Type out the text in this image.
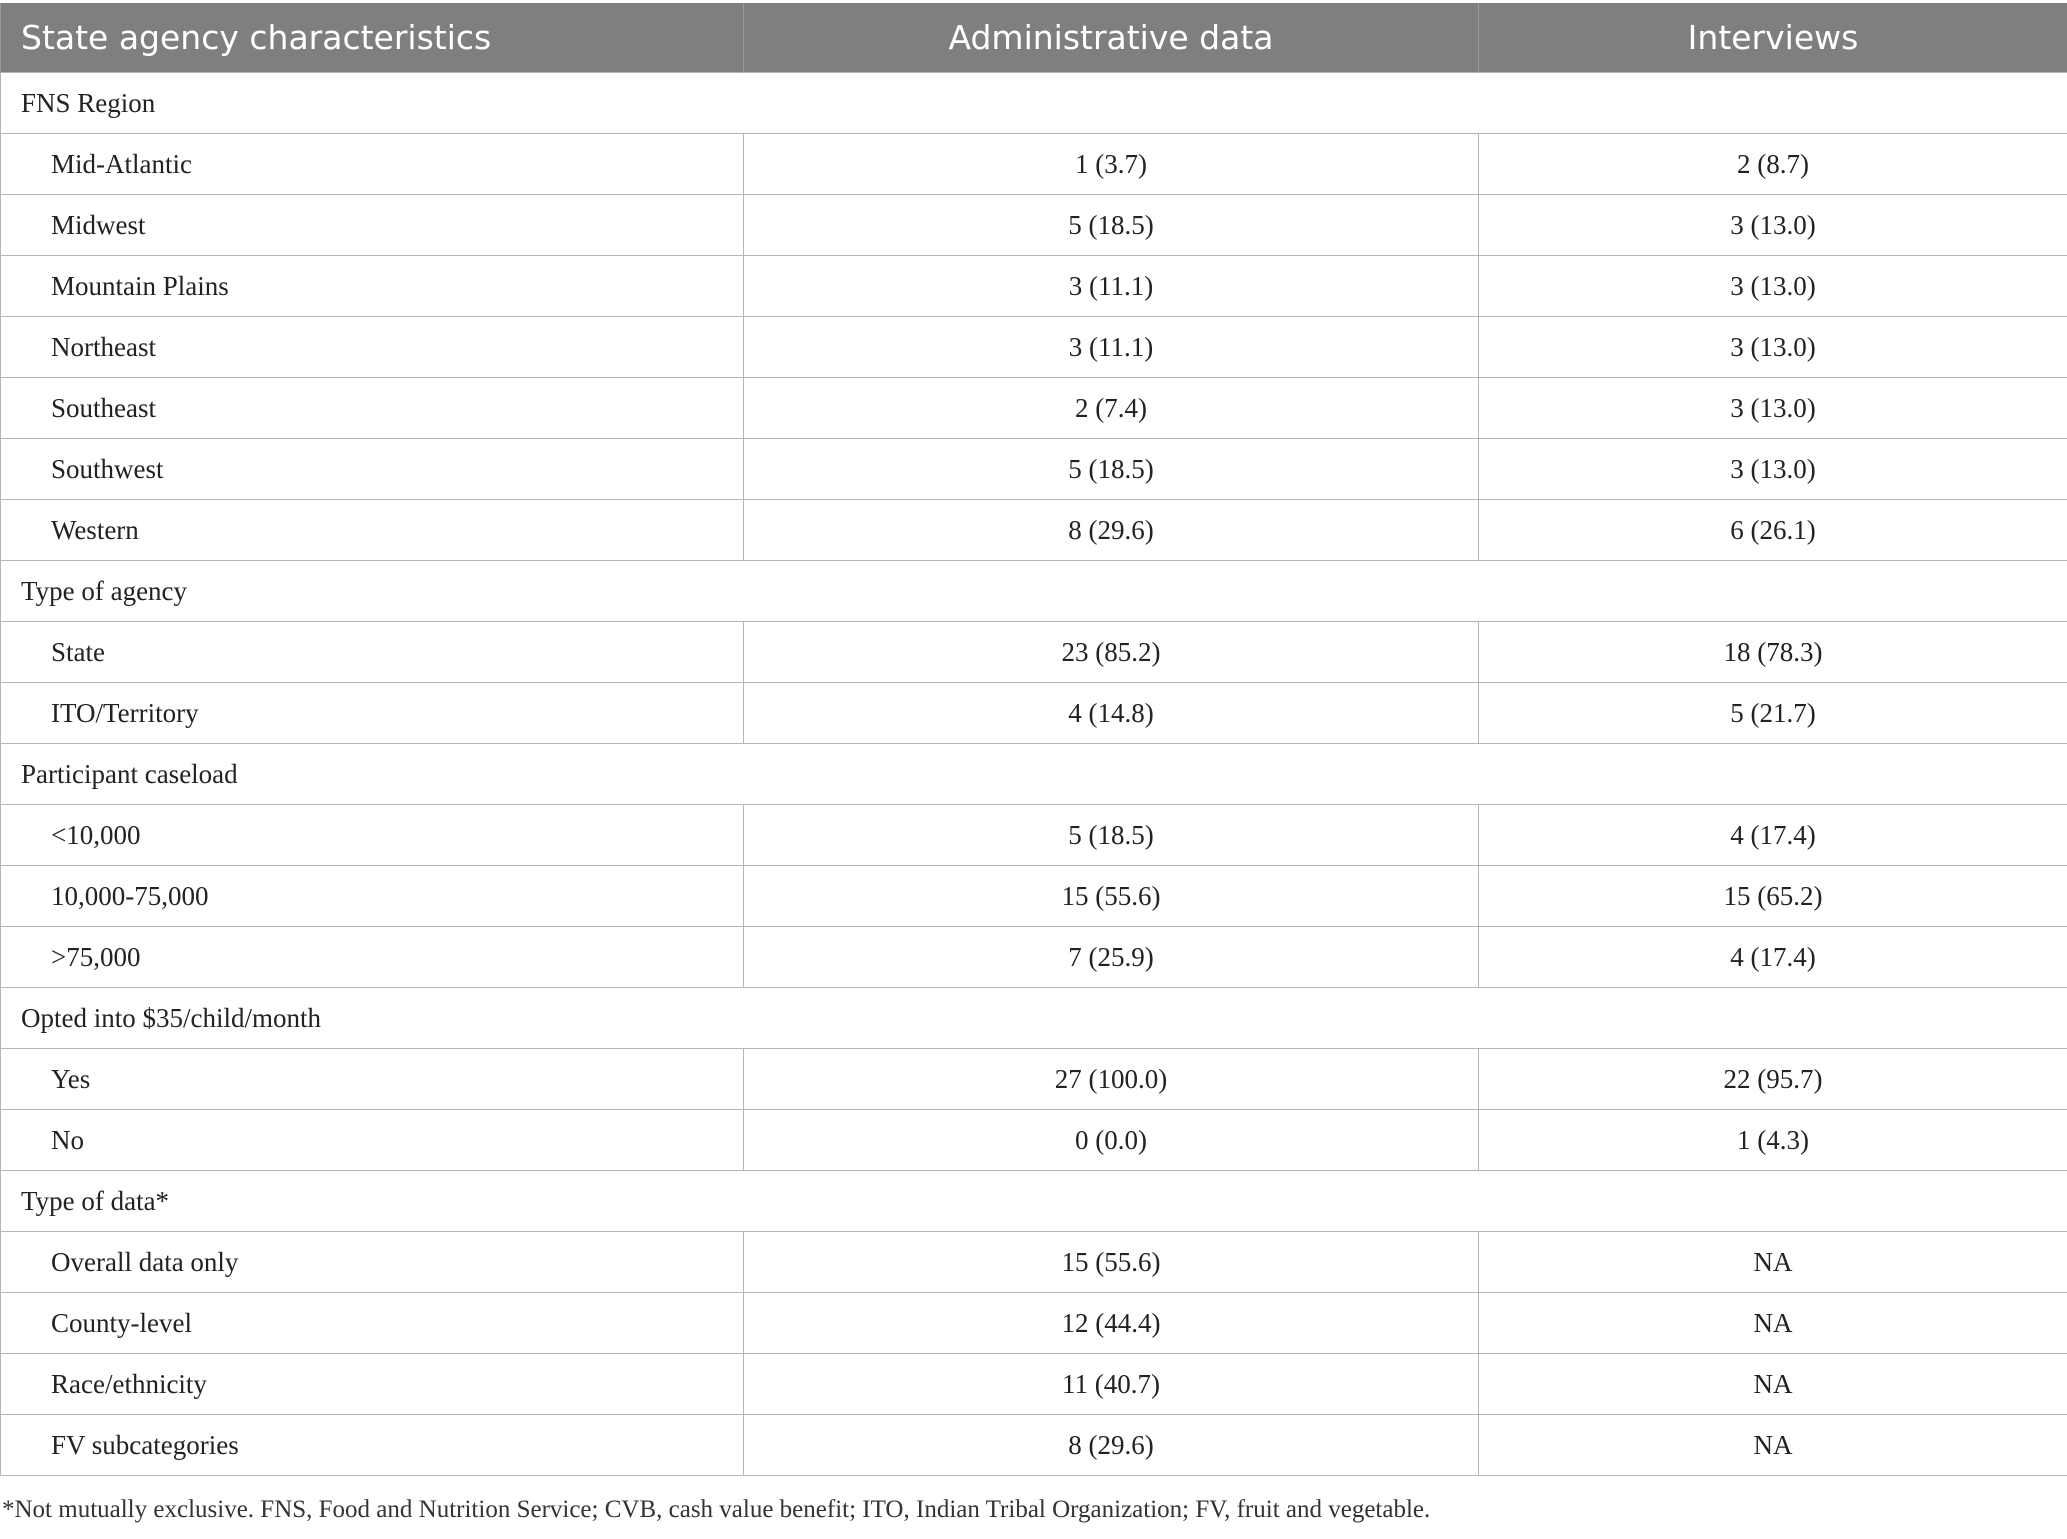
State agency characteristics	Administrative data	Interviews
FNS Region		
Mid-Atlantic	1 (3.7)	2 (8.7)
Midwest	5 (18.5)	3 (13.0)
Mountain Plains	3 (11.1)	3 (13.0)
Northeast	3 (11.1)	3 (13.0)
Southeast	2 (7.4)	3 (13.0)
Southwest	5 (18.5)	3 (13.0)
Western	8 (29.6)	6 (26.1)
Type of agency		
State	23 (85.2)	18 (78.3)
ITO/Territory	4 (14.8)	5 (21.7)
Participant caseload		
<10,000	5 (18.5)	4 (17.4)
10,000-75,000	15 (55.6)	15 (65.2)
>75,000	7 (25.9)	4 (17.4)
Opted into $35/child/month		
Yes	27 (100.0)	22 (95.7)
No	0 (0.0)	1 (4.3)
Type of data*		
Overall data only	15 (55.6)	NA
County-level	12 (44.4)	NA
Race/ethnicity	11 (40.7)	NA
FV subcategories	8 (29.6)	NA
*Not mutually exclusive. FNS, Food and Nutrition Service; CVB, cash value benefit; ITO, Indian Tribal Organization; FV, fruit and vegetable.
